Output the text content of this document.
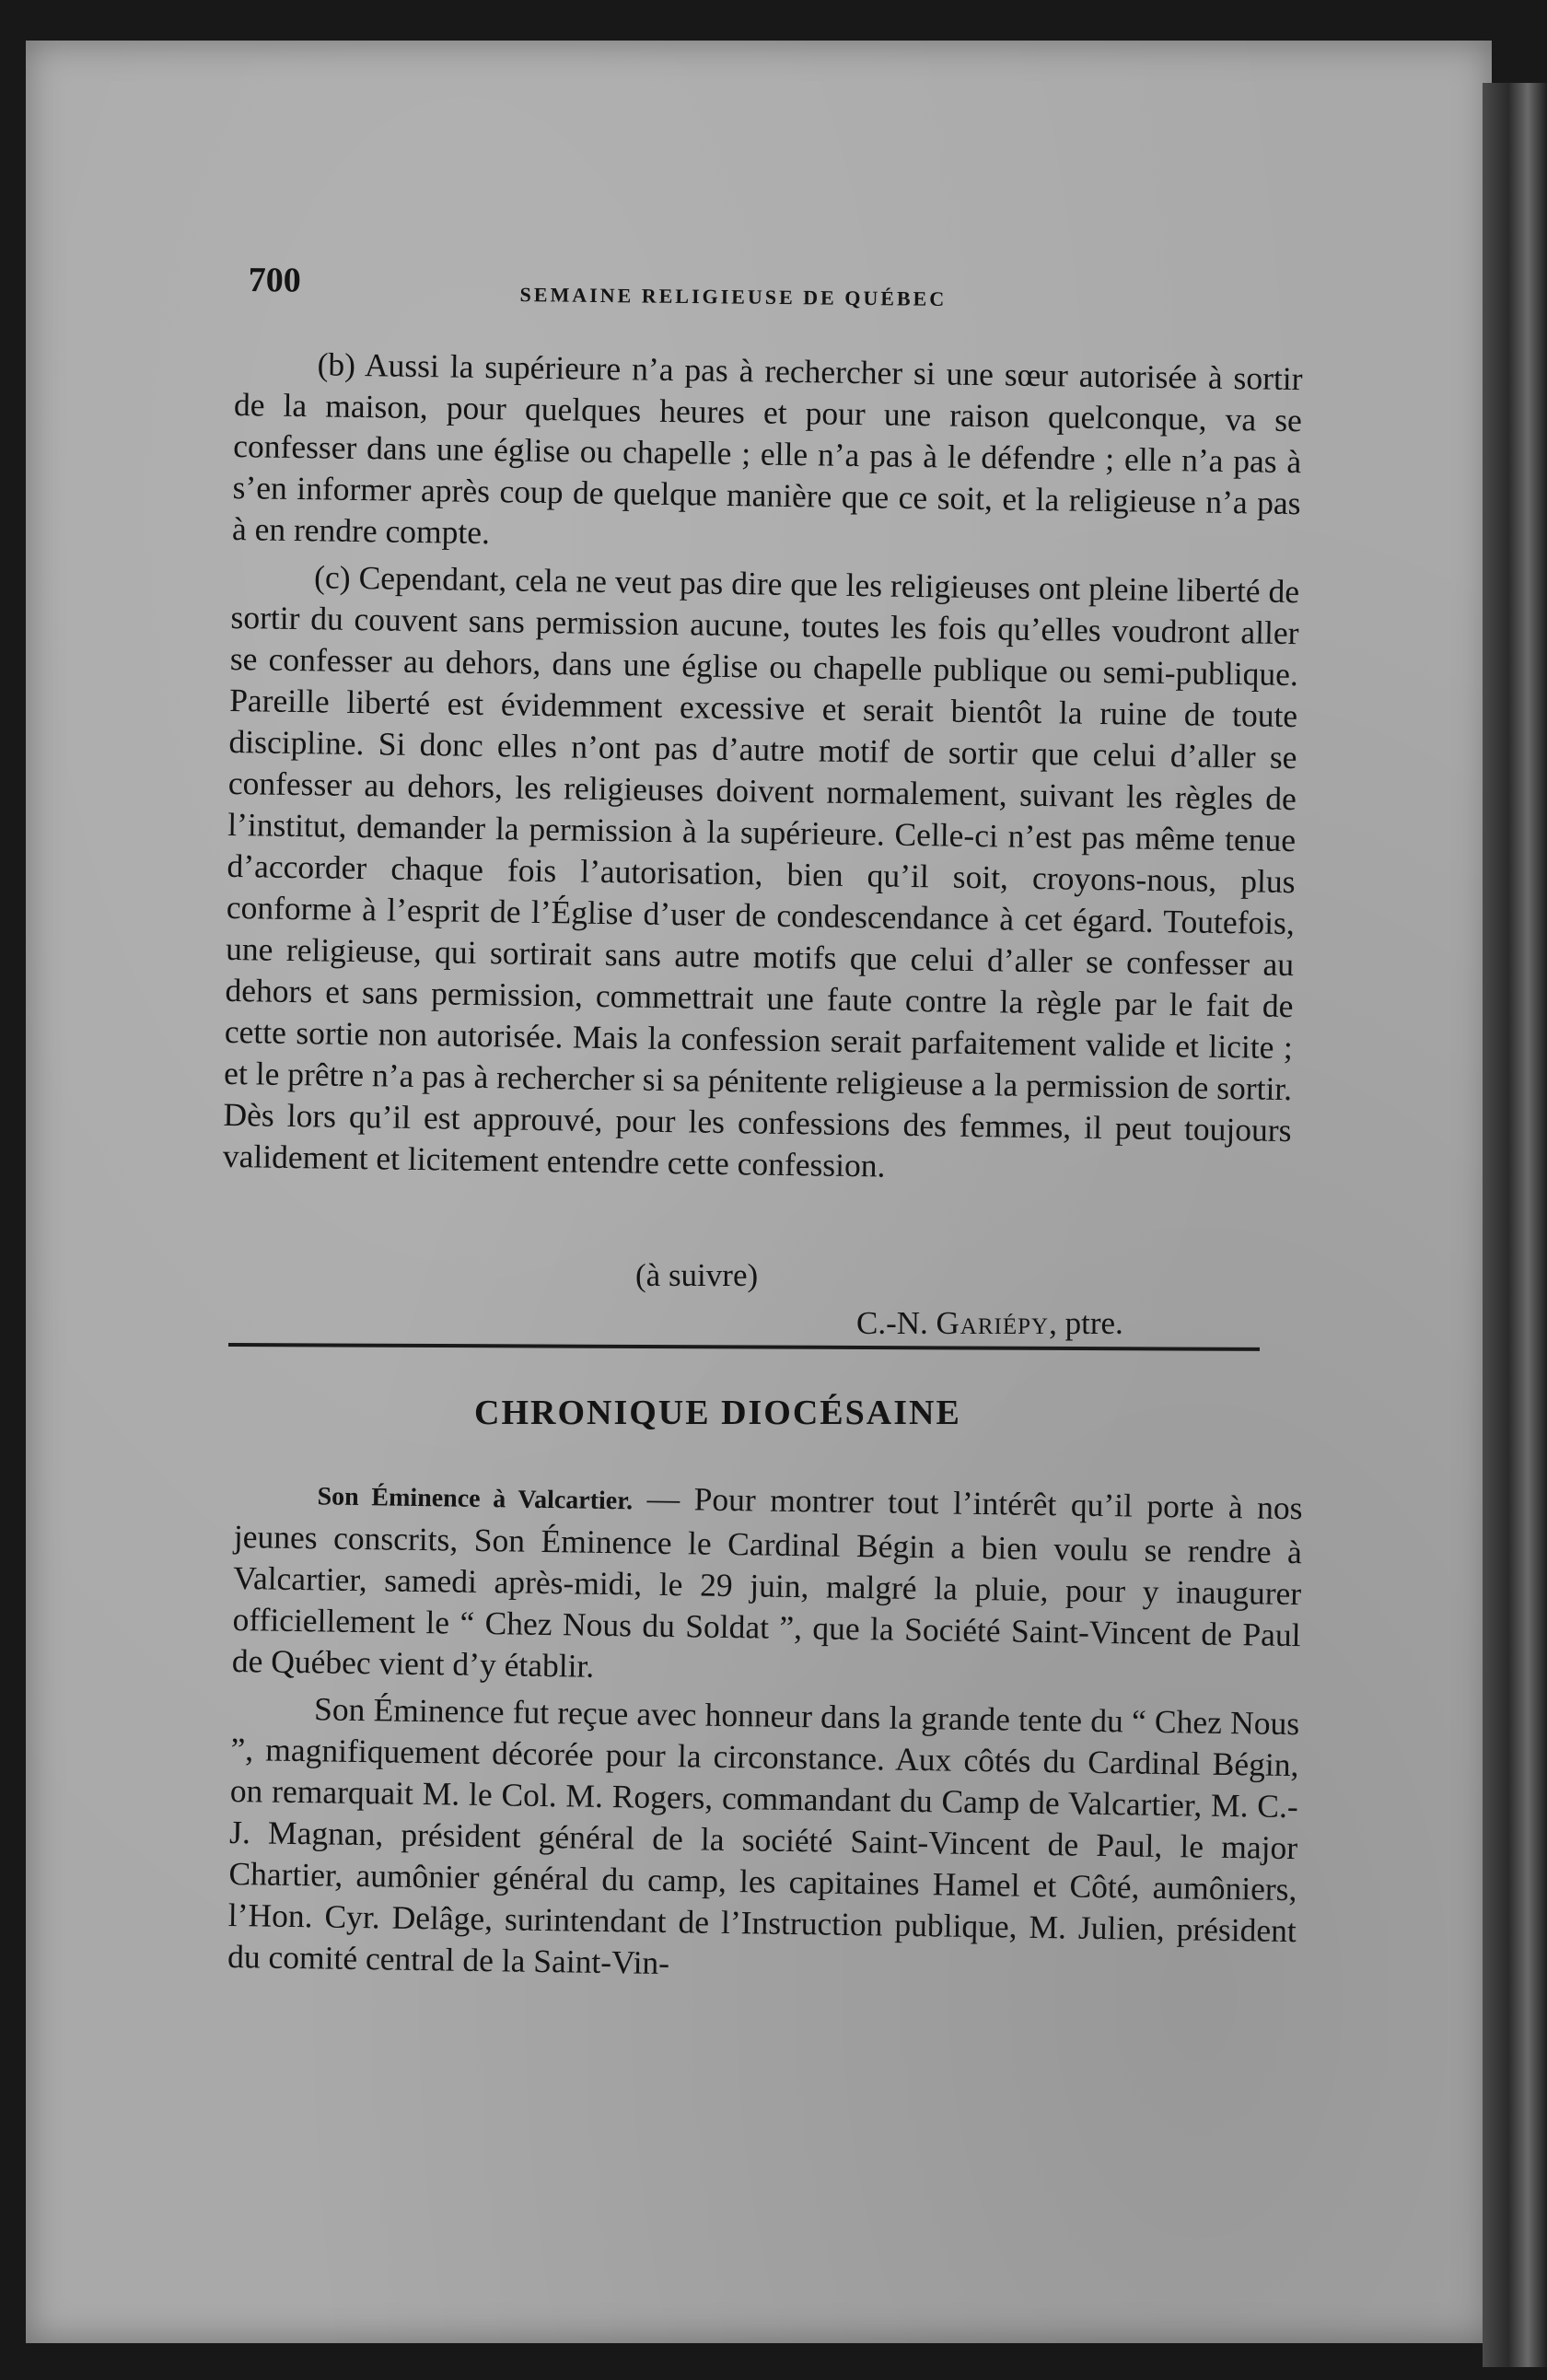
700	SEMAINE RELIGIEUSE DE QUÉBEC

(b) Aussi la supérieure n’a pas à rechercher si une sœur autorisée à sortir de la maison, pour quelques heures et pour une raison quelconque, va se confesser dans une église ou chapelle ; elle n’a pas à le défendre ; elle n’a pas à s’en informer après coup de quelque manière que ce soit, et la religieuse n’a pas à en rendre compte.

(c) Cependant, cela ne veut pas dire que les religieuses ont pleine liberté de sortir du couvent sans permission aucune, toutes les fois qu’elles voudront aller se confesser au dehors, dans une église ou chapelle publique ou semi-publique. Pareille liberté est évidemment excessive et serait bientôt la ruine de toute discipline. Si donc elles n’ont pas d’autre motif de sortir que celui d’aller se confesser au dehors, les religieuses doivent normalement, suivant les règles de l’institut, demander la permission à la supérieure. Celle-ci n’est pas même tenue d’accorder chaque fois l’autorisation, bien qu’il soit, croyons-nous, plus conforme à l’esprit de l’Église d’user de condescendance à cet égard. Toutefois, une religieuse, qui sortirait sans autre motifs que celui d’aller se confesser au dehors et sans permission, commettrait une faute contre la règle par le fait de cette sortie non autorisée. Mais la confession serait parfaitement valide et licite ; et le prêtre n’a pas à rechercher si sa pénitente religieuse a la permission de sortir. Dès lors qu’il est approuvé, pour les confessions des femmes, il peut toujours validement et licitement entendre cette confession.

(à suivre)
C.-N. Gariépy, ptre.
CHRONIQUE DIOCÉSAINE

Son Éminence à Valcartier. — Pour montrer tout l’intérêt qu’il porte à nos jeunes conscrits, Son Éminence le Cardinal Bégin a bien voulu se rendre à Valcartier, samedi après-midi, le 29 juin, malgré la pluie, pour y inaugurer officiellement le “ Chez Nous du Soldat ”, que la Société Saint-Vincent de Paul de Québec vient d’y établir.

Son Éminence fut reçue avec honneur dans la grande tente du “ Chez Nous ”, magnifiquement décorée pour la circonstance. Aux côtés du Cardinal Bégin, on remarquait M. le Col. M. Rogers, commandant du Camp de Valcartier, M. C.-J. Magnan, président général de la société Saint-Vincent de Paul, le major Chartier, aumônier général du camp, les capitaines Hamel et Côté, aumôniers, l’Hon. Cyr. Delâge, surintendant de l’Instruction publique, M. Julien, président du comité central de la Saint-Vin-
